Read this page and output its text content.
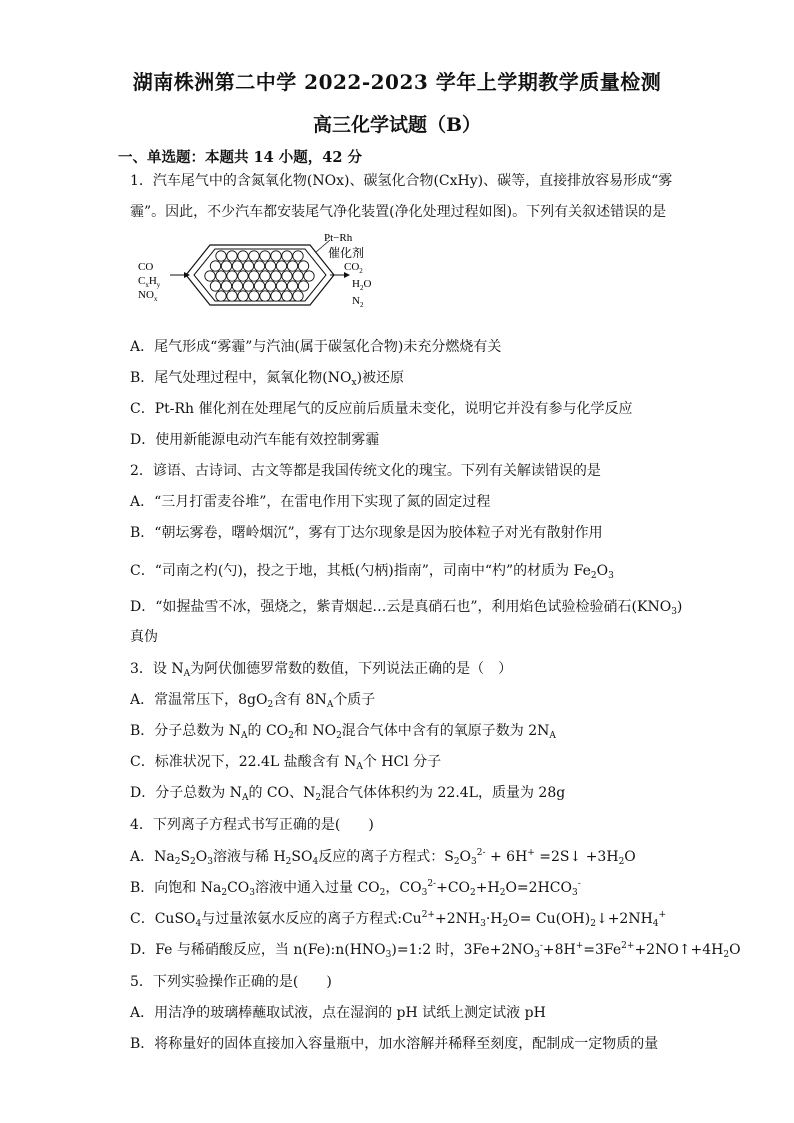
湖南株洲第二中学 2022-2023 学年上学期教学质量检测
高三化学试题（B）
一、单选题：本题共 14 小题，42 分
1．汽车尾气中的含氮氧化物(NOx)、碳氢化合物(CxHy)、碳等，直接排放容易形成“雾
霾”。因此，不少汽车都安装尾气净化装置(净化处理过程如图)。下列有关叙述错误的是
Pt−Rh
催化剂
CO
$C_xH_y$
$NO_x$
$CO_2$
$H_2O$
$N_2$
A．尾气形成“雾霾”与汽油(属于碳氢化合物)未充分燃烧有关
B．尾气处理过程中，氮氧化物$(NO_x)$被还原
C．Pt-Rh 催化剂在处理尾气的反应前后质量未变化，说明它并没有参与化学反应
D．使用新能源电动汽车能有效控制雾霾
2．谚语、古诗词、古文等都是我国传统文化的瑰宝。下列有关解读错误的是
A．“三月打雷麦谷堆”，在雷电作用下实现了氮的固定过程
B．“朝坛雾卷，曙岭烟沉”，雾有丁达尔现象是因为胶体粒子对光有散射作用
C．“司南之杓(勺)，投之于地，其柢(勺柄)指南”，司南中“杓”的材质为 $Fe_2O_3$
D．“如握盐雪不冰，强烧之，紫青烟起…云是真硝石也”，利用焰色试验检验硝石$(KNO_3)$
真伪
3．设 $N_A$为阿伏伽德罗常数的数值，下列说法正确的是（　）
A．常温常压下，$8gO_2$含有 $8N_A$个质子
B．分子总数为 $N_A$的 $CO_2$和 $NO_2$混合气体中含有的氧原子数为 $2N_A$
C．标准状况下，22.4L 盐酸含有 $N_A$个 HCl 分子
D．分子总数为 $N_A$的 CO、$N_2$混合气体体积约为 22.4L，质量为 28g
4．下列离子方程式书写正确的是(　　)
A．$Na_2S_2O_3$溶液与稀 $H_2SO_4$反应的离子方程式：$S_2O_3^{2-} + 6H^+$ =2S↓ $+3H_2O$
B．向饱和 $Na_2CO_3$溶液中通入过量 $CO_2$，$CO_3^{2-}+CO_2+H_2O=2HCO_3^-$
C．CuSO$_4$与过量浓氨水反应的离子方程式$:Cu^{2+}+2NH_3\cdot H_2O=$ $Cu(OH)_2↓+2NH_4^+$
D．Fe 与稀硝酸反应，当 $n(Fe):n(HNO_3)=1:2$ 时，$3Fe+2NO_3^-+8H^+=3Fe^{2+}+2NO↑+4H_2O$
5．下列实验操作正确的是(　　)
A．用洁净的玻璃棒蘸取试液，点在湿润的 pH 试纸上测定试液 pH
B．将称量好的固体直接加入容量瓶中，加水溶解并稀释至刻度，配制成一定物质的量
